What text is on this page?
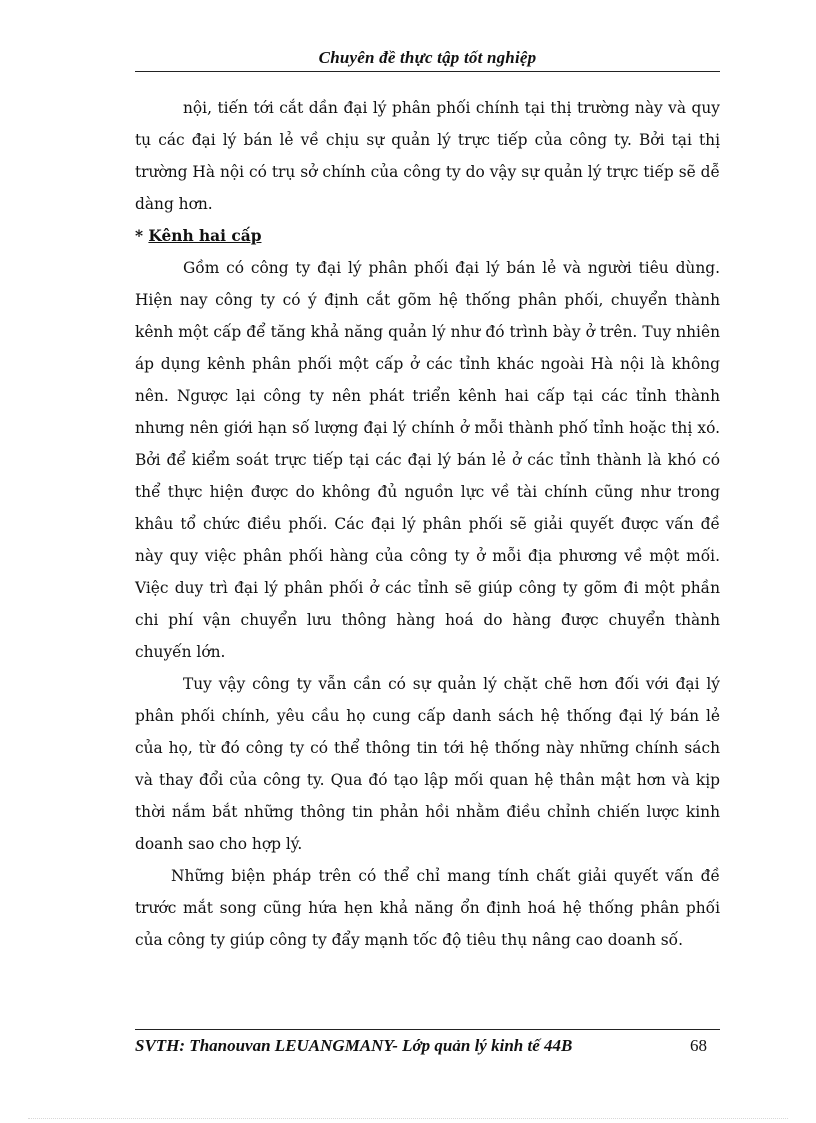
Chuyên đề thực tập tốt nghiệp

nội, tiến tới cắt dần đại lý phân phối chính tại thị trường này và quy tụ các đại lý bán lẻ về chịu sự quản lý trực tiếp của công ty. Bởi tại thị trường Hà nội có trụ sở chính của công ty do vậy sự quản lý trực tiếp sẽ dễ dàng hơn.

* Kênh hai cấp

Gồm có công ty đại lý phân phối đại lý bán lẻ và người tiêu dùng. Hiện nay công ty có ý định cắt gõm hệ thống phân phối, chuyển thành kênh một cấp để tăng khả năng quản lý như đó trình bày ở trên. Tuy nhiên áp dụng kênh phân phối một cấp ở các tỉnh khác ngoài Hà nội là không nên. Ngược lại công ty nên phát triển kênh hai cấp tại các tỉnh thành nhưng nên giới hạn số lượng đại lý chính ở mỗi thành phố tỉnh hoặc thị xó. Bởi để kiểm soát trực tiếp tại các đại lý bán lẻ ở các tỉnh thành là khó có thể thực hiện được do không đủ nguồn lực về tài chính cũng như trong khâu tổ chức điều phối. Các đại lý phân phối sẽ giải quyết được vấn đề này quy việc phân phối hàng của công ty ở mỗi địa phương về một mối. Việc duy trì đại lý phân phối ở các tỉnh sẽ giúp công ty gõm đi một phần chi phí vận chuyển lưu thông hàng hoá do hàng được chuyển thành chuyến lớn.

Tuy vậy công ty vẫn cần có sự quản lý chặt chẽ hơn đối với đại lý phân phối chính, yêu cầu họ cung cấp danh sách hệ thống đại lý bán lẻ của họ, từ đó công ty có thể thông tin tới hệ thống này những chính sách và thay đổi của công ty. Qua đó tạo lập mối quan hệ thân mật hơn và kịp thời nắm bắt những thông tin phản hồi nhằm điều chỉnh chiến lược kinh doanh sao cho hợp lý.

Những biện pháp trên có thể chỉ mang tính chất giải quyết vấn đề trước mắt song cũng hứa hẹn khả năng ổn định hoá hệ thống phân phối của công ty giúp công ty đẩy mạnh tốc độ tiêu thụ nâng cao doanh số.

SVTH: Thanouvan LEUANGMANY- Lớp quản lý kinh tế 44B	68
